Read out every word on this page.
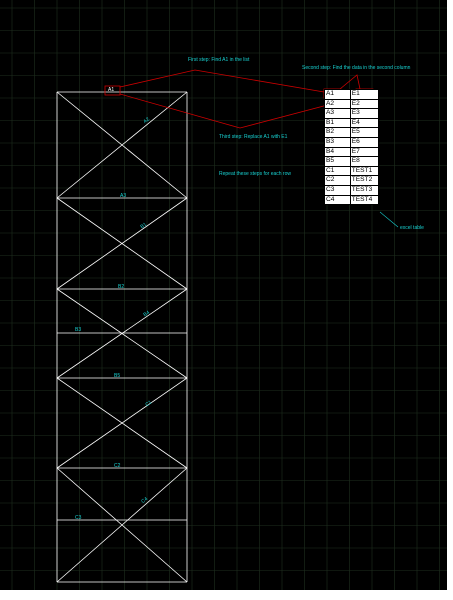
First step: Find A1 in the list
Second step: Find the data in the second column
Third step: Replace A1 with E1
Repeat these steps for each row
excel table
A1
A2
A3
B1
B2
B3
B4
B5
C1
C2
C3
C4
A1	E1
A2	E2
A3	E3
B1	E4
B2	E5
B3	E6
B4	E7
B5	E8
C1	TEST1
C2	TEST2
C3	TEST3
C4	TEST4
